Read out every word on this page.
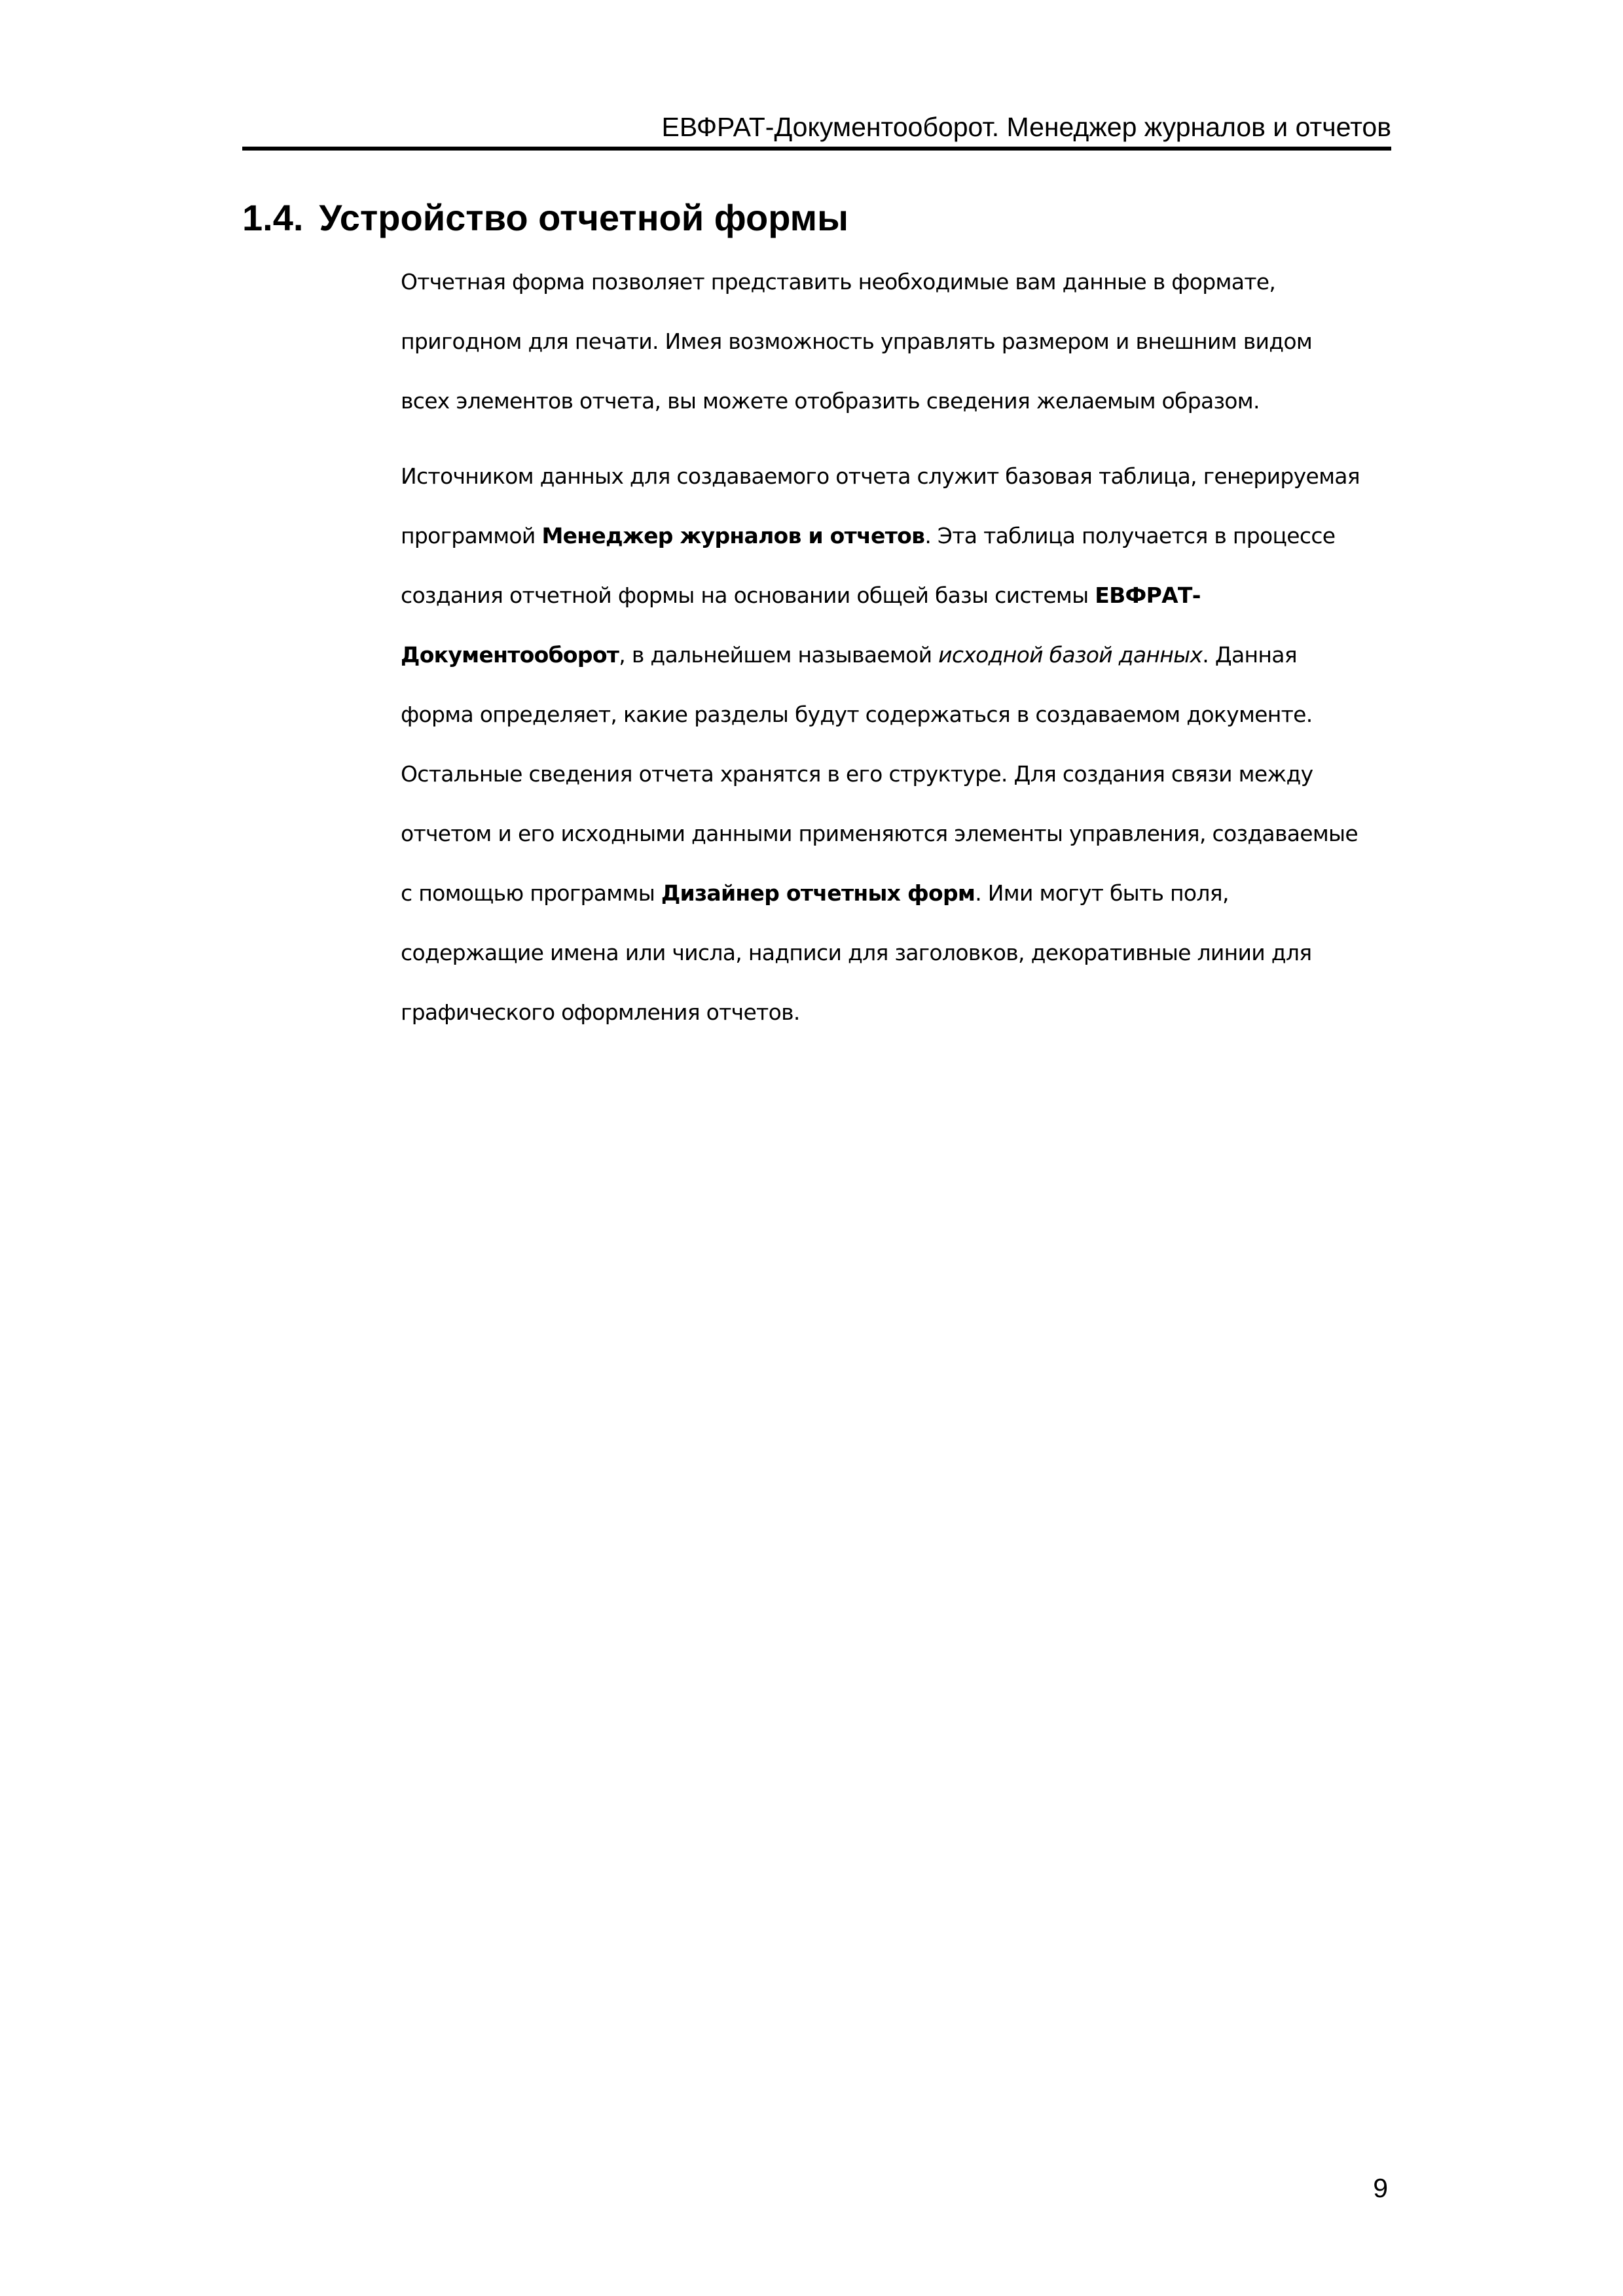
ЕВФРАТ-Документооборот. Менеджер журналов и отчетов
1.4. Устройство отчетной формы

Отчетная форма позволяет представить необходимые вам данные в формате,
пригодном для печати. Имея возможность управлять размером и внешним видом
всех элементов отчета, вы можете отобразить сведения желаемым образом.

Источником данных для создаваемого отчета служит базовая таблица, генерируемая
программой Менеджер журналов и отчетов. Эта таблица получается в процессе
создания отчетной формы на основании общей базы системы ЕВФРАТ-
Документооборот, в дальнейшем называемой исходной базой данных. Данная
форма определяет, какие разделы будут содержаться в создаваемом документе.
Остальные сведения отчета хранятся в его структуре. Для создания связи между
отчетом и его исходными данными применяются элементы управления, создаваемые
с помощью программы Дизайнер отчетных форм. Ими могут быть поля,
содержащие имена или числа, надписи для заголовков, декоративные линии для
графического оформления отчетов.

9
